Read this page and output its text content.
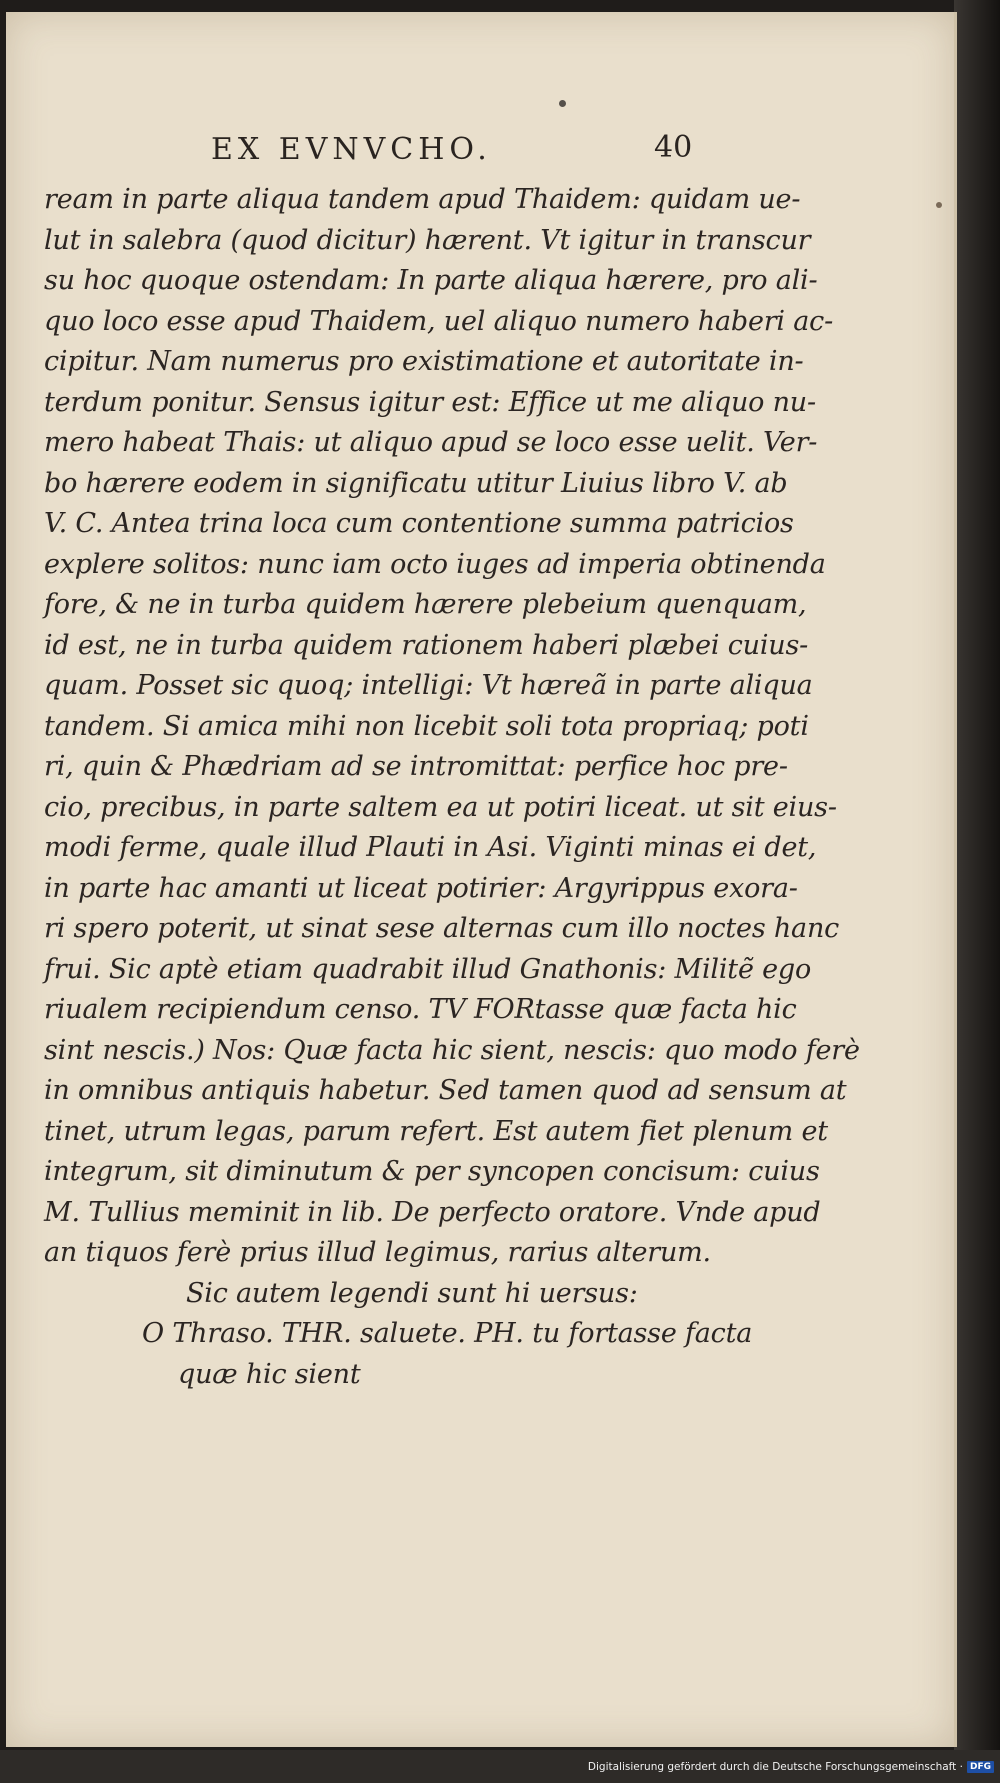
EX EVNVCHO.	40
ream in parte aliqua tandem apud Thaidem: quidam ue-
lut in salebra (quod dicitur) hærent. Vt igitur in transcur
su hoc quoque ostendam: In parte aliqua hærere, pro ali-
quo loco esse apud Thaidem, uel aliquo numero haberi ac-
cipitur. Nam numerus pro existimatione et autoritate in-
terdum ponitur. Sensus igitur est: Effice ut me aliquo nu-
mero habeat Thais: ut aliquo apud se loco esse uelit. Ver-
bo hærere eodem in significatu utitur Liuius libro V. ab
V. C. Antea trina loca cum contentione summa patricios
explere solitos: nunc iam octo iuges ad imperia obtinenda
fore, & ne in turba quidem hærere plebeium quenquam,
id est, ne in turba quidem rationem haberi plæbei cuius-
quam. Posset sic quoq; intelligi: Vt hæreã in parte aliqua
tandem. Si amica mihi non licebit soli tota propriaq; poti
ri, quin & Phædriam ad se intromittat: perfice hoc pre-
cio, precibus, in parte saltem ea ut potiri liceat. ut sit eius-
modi ferme, quale illud Plauti in Asi. Viginti minas ei det,
in parte hac amanti ut liceat potirier: Argyrippus exora-
ri spero poterit, ut sinat sese alternas cum illo noctes hanc
frui. Sic aptè etiam quadrabit illud Gnathonis: Militẽ ego
riualem recipiendum censo. TV FORtasse quæ facta hic
sint nescis.) Nos: Quæ facta hic sient, nescis: quo modo ferè
in omnibus antiquis habetur. Sed tamen quod ad sensum at
tinet, utrum legas, parum refert. Est autem fiet plenum et
integrum, sit diminutum & per syncopen concisum: cuius
M. Tullius meminit in lib. De perfecto oratore. Vnde apud
an tiquos ferè prius illud legimus, rarius alterum.
Sic autem legendi sunt hi uersus:
O Thraso. THR. saluete. PH. tu fortasse facta
quæ hic sient
Digitalisierung gefördert durch die Deutsche Forschungsgemeinschaft · DFG
